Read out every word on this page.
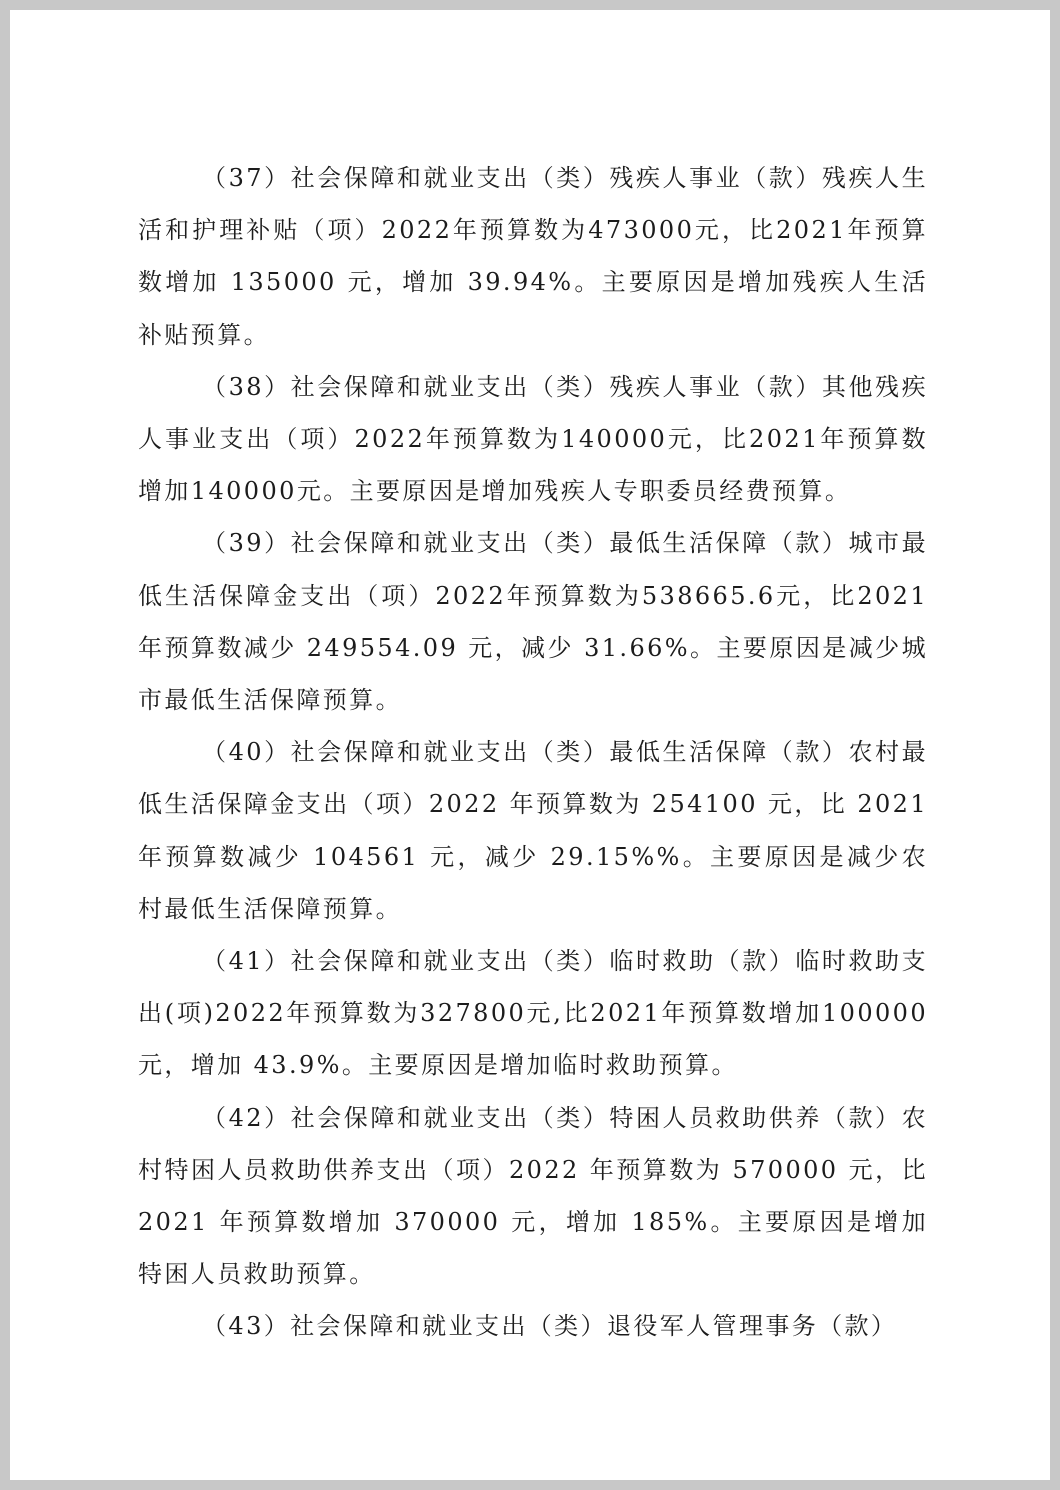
（37）社会保障和就业支出（类）残疾人事业（款）残疾人生活和护理补贴（项）2022年预算数为473000元，比2021年预算数增加 135000 元，增加 39.94%。主要原因是增加残疾人生活补贴预算。

（38）社会保障和就业支出（类）残疾人事业（款）其他残疾人事业支出（项）2022年预算数为140000元，比2021年预算数增加140000元。主要原因是增加残疾人专职委员经费预算。

（39）社会保障和就业支出（类）最低生活保障（款）城市最低生活保障金支出（项）2022年预算数为538665.6元，比2021年预算数减少 249554.09 元，减少 31.66%。主要原因是减少城市最低生活保障预算。

（40）社会保障和就业支出（类）最低生活保障（款）农村最低生活保障金支出（项）2022 年预算数为 254100 元，比 2021年预算数减少 104561 元，减少 29.15%%。主要原因是减少农村最低生活保障预算。

（41）社会保障和就业支出（类）临时救助（款）临时救助支出(项)2022年预算数为327800元,比2021年预算数增加100000元，增加 43.9%。主要原因是增加临时救助预算。

（42）社会保障和就业支出（类）特困人员救助供养（款）农村特困人员救助供养支出（项）2022 年预算数为 570000 元，比 2021 年预算数增加 370000 元，增加 185%。主要原因是增加特困人员救助预算。

（43）社会保障和就业支出（类）退役军人管理事务（款）
